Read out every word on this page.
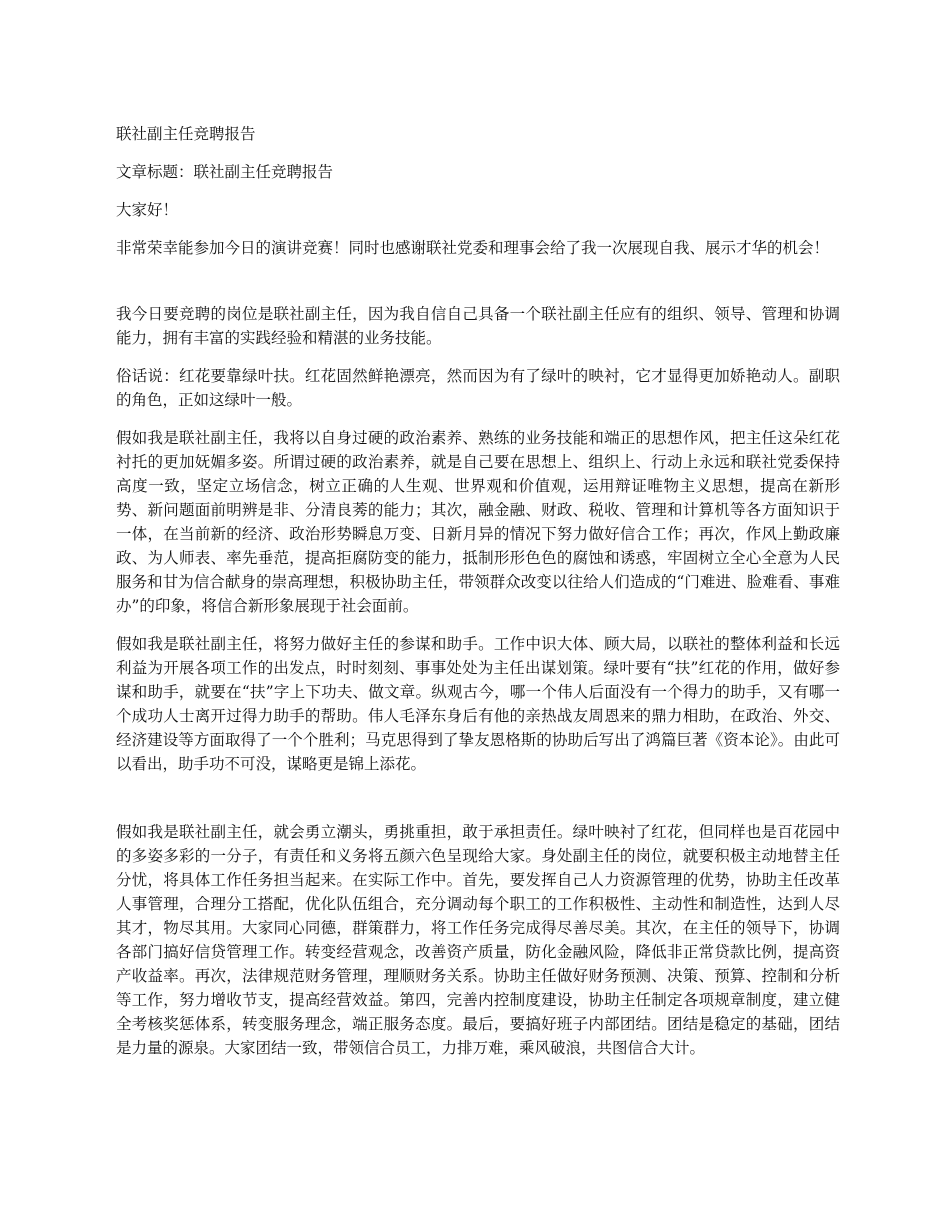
联社副主任竞聘报告

文章标题：联社副主任竞聘报告

大家好！

非常荣幸能参加今日的演讲竞赛！同时也感谢联社党委和理事会给了我一次展现自我、展示才华的机会！

我今日要竞聘的岗位是联社副主任，因为我自信自己具备一个联社副主任应有的组织、领导、管理和协调能力，拥有丰富的实践经验和精湛的业务技能。

俗话说：红花要靠绿叶扶。红花固然鲜艳漂亮，然而因为有了绿叶的映衬，它才显得更加娇艳动人。副职的角色，正如这绿叶一般。

假如我是联社副主任，我将以自身过硬的政治素养、熟练的业务技能和端正的思想作风，把主任这朵红花衬托的更加妩媚多姿。所谓过硬的政治素养，就是自己要在思想上、组织上、行动上永远和联社党委保持高度一致，坚定立场信念，树立正确的人生观、世界观和价值观，运用辩证唯物主义思想，提高在新形势、新问题面前明辨是非、分清良莠的能力；其次，融金融、财政、税收、管理和计算机等各方面知识于一体，在当前新的经济、政治形势瞬息万变、日新月异的情况下努力做好信合工作；再次，作风上勤政廉政、为人师表、率先垂范，提高拒腐防变的能力，抵制形形色色的腐蚀和诱惑，牢固树立全心全意为人民服务和甘为信合献身的崇高理想，积极协助主任，带领群众改变以往给人们造成的“门难进、脸难看、事难办”的印象，将信合新形象展现于社会面前。

假如我是联社副主任，将努力做好主任的参谋和助手。工作中识大体、顾大局，以联社的整体利益和长远利益为开展各项工作的出发点，时时刻刻、事事处处为主任出谋划策。绿叶要有“扶”红花的作用，做好参谋和助手，就要在“扶”字上下功夫、做文章。纵观古今，哪一个伟人后面没有一个得力的助手，又有哪一个成功人士离开过得力助手的帮助。伟人毛泽东身后有他的亲热战友周恩来的鼎力相助，在政治、外交、经济建设等方面取得了一个个胜利；马克思得到了挚友恩格斯的协助后写出了鸿篇巨著《资本论》。由此可以看出，助手功不可没，谋略更是锦上添花。

假如我是联社副主任，就会勇立潮头，勇挑重担，敢于承担责任。绿叶映衬了红花，但同样也是百花园中的多姿多彩的一分子，有责任和义务将五颜六色呈现给大家。身处副主任的岗位，就要积极主动地替主任分忧，将具体工作任务担当起来。在实际工作中。首先，要发挥自己人力资源管理的优势，协助主任改革人事管理，合理分工搭配，优化队伍组合，充分调动每个职工的工作积极性、主动性和制造性，达到人尽其才，物尽其用。大家同心同德，群策群力，将工作任务完成得尽善尽美。其次，在主任的领导下，协调各部门搞好信贷管理工作。转变经营观念，改善资产质量，防化金融风险，降低非正常贷款比例，提高资产收益率。再次，法律规范财务管理，理顺财务关系。协助主任做好财务预测、决策、预算、控制和分析等工作，努力增收节支，提高经营效益。第四，完善内控制度建设，协助主任制定各项规章制度，建立健全考核奖惩体系，转变服务理念，端正服务态度。最后，要搞好班子内部团结。团结是稳定的基础，团结是力量的源泉。大家团结一致，带领信合员工，力排万难，乘风破浪，共图信合大计。
